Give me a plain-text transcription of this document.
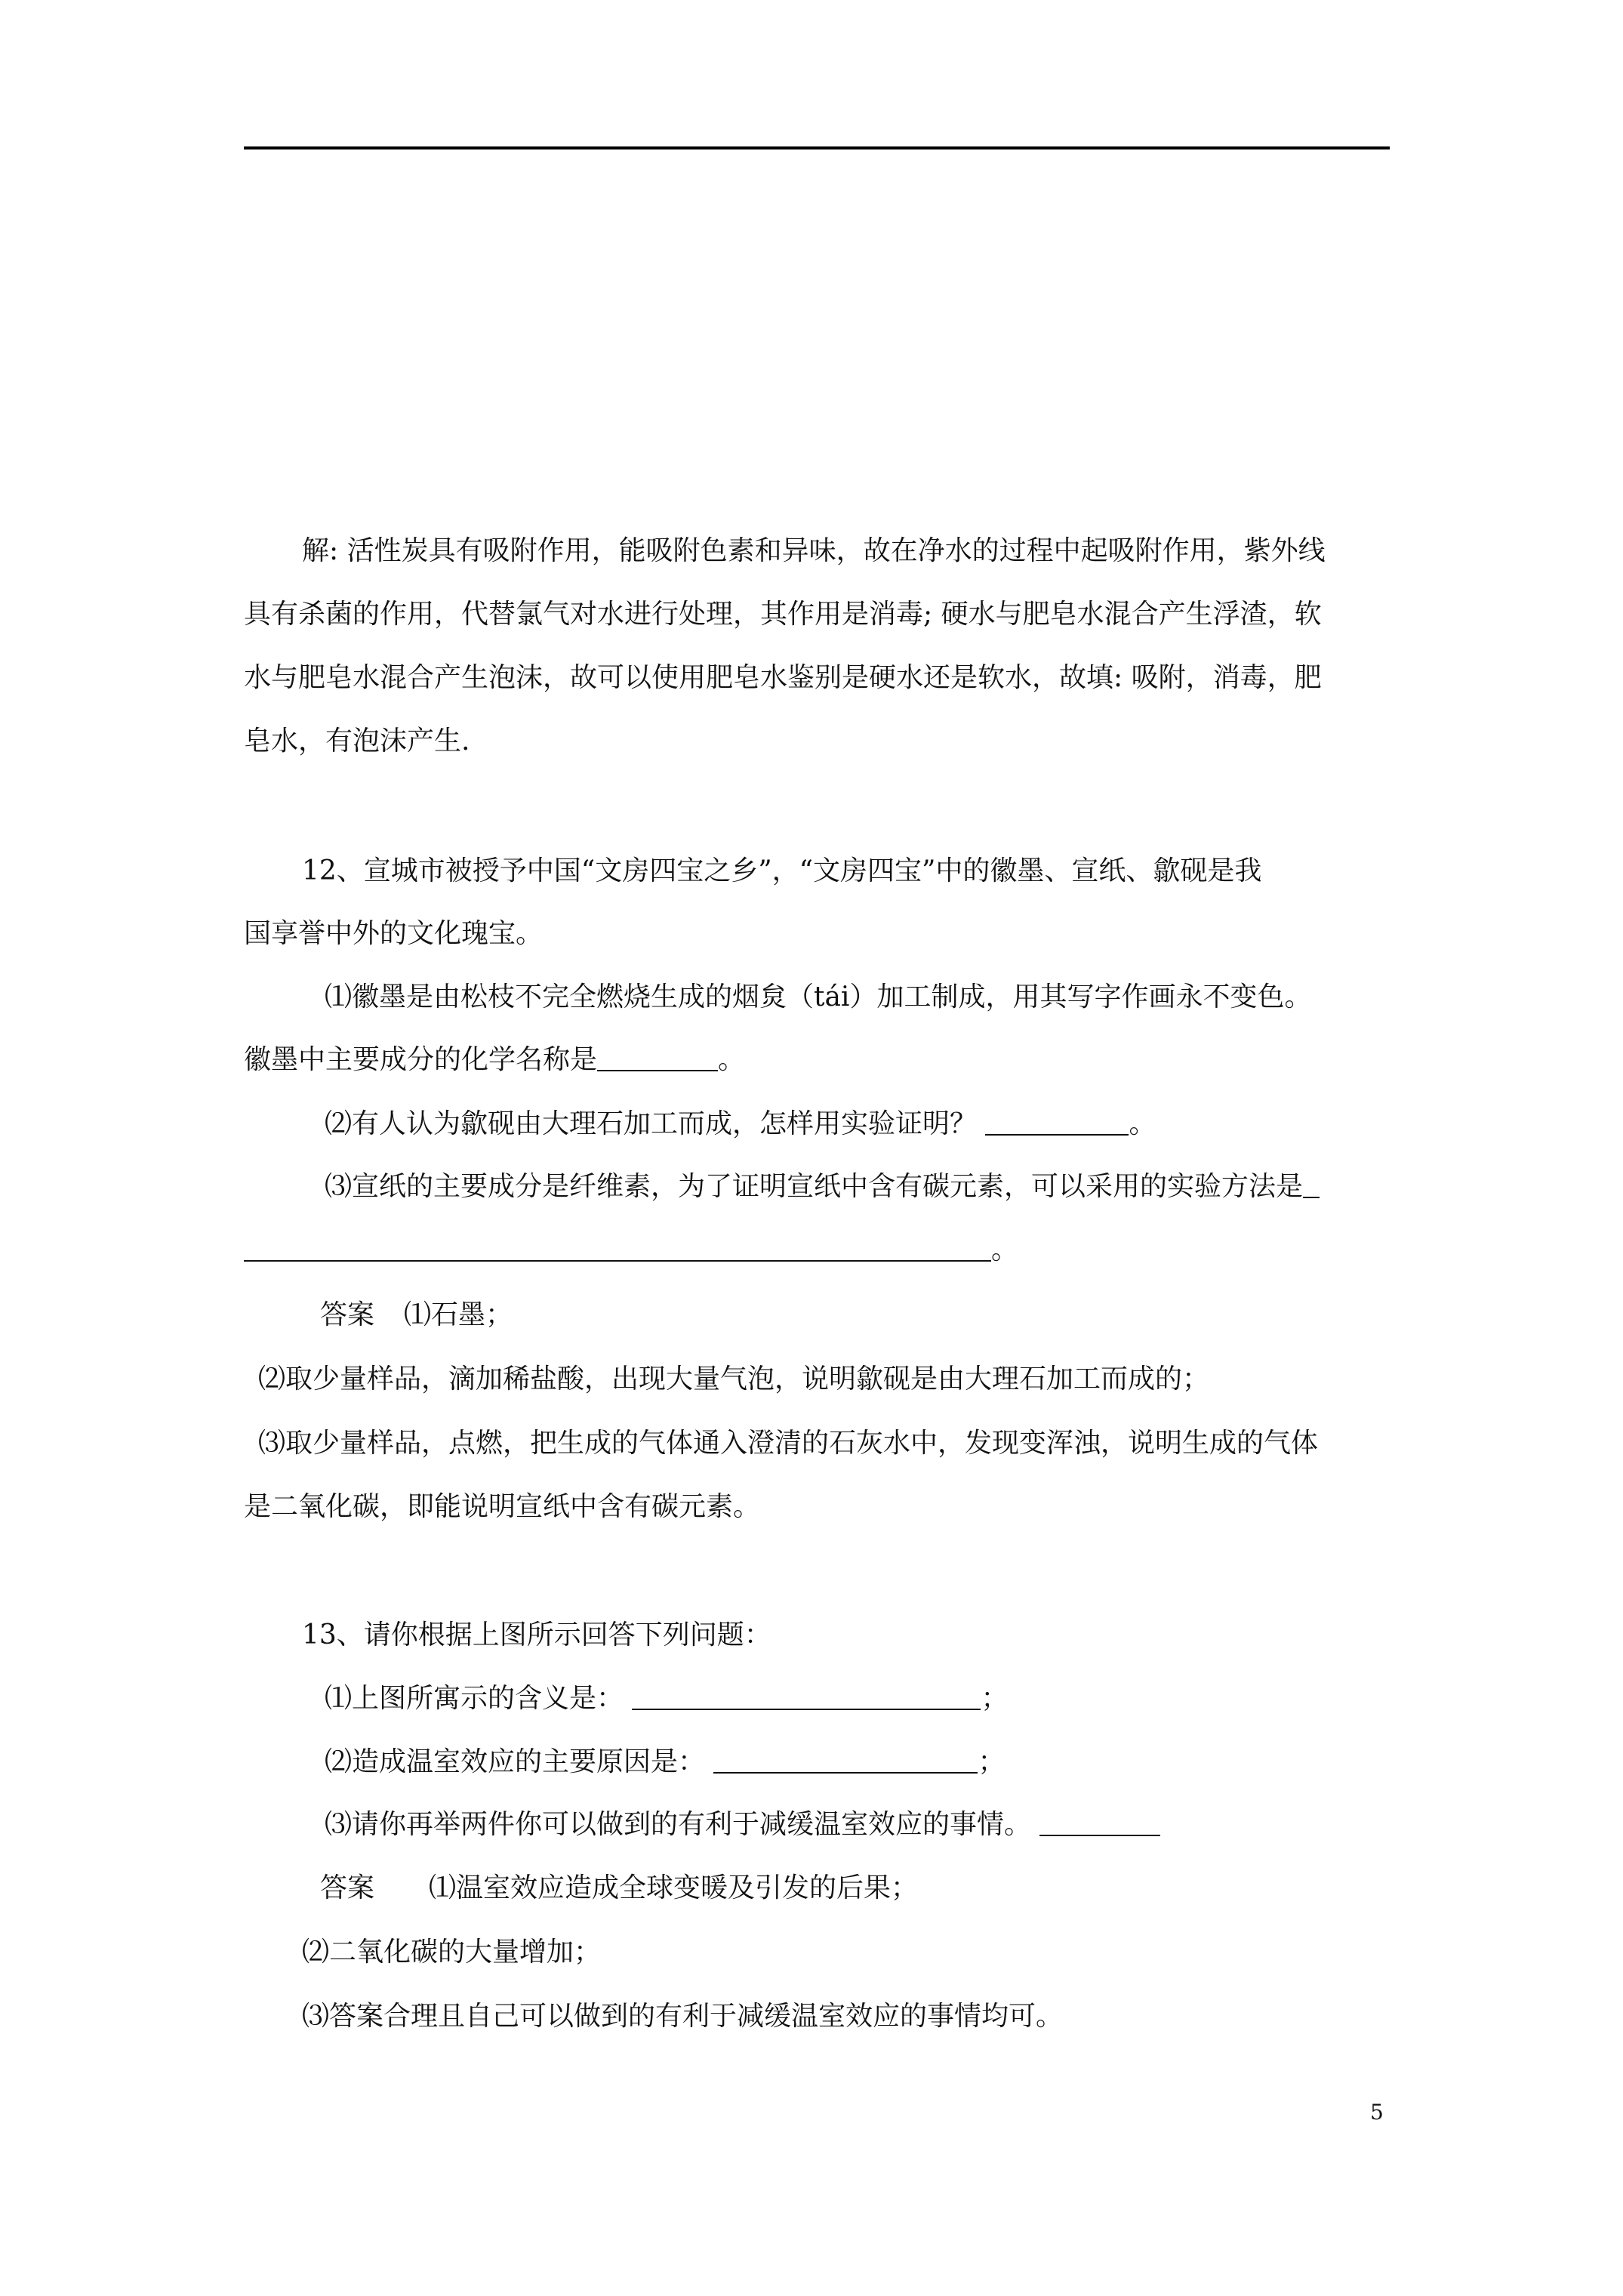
解: 活性炭具有吸附作用，能吸附色素和异味，故在净水的过程中起吸附作用，紫外线
具有杀菌的作用，代替氯气对水进行处理，其作用是消毒; 硬水与肥皂水混合产生浮渣，软
水与肥皂水混合产生泡沫，故可以使用肥皂水鉴别是硬水还是软水，故填: 吸附，消毒，肥
皂水，有泡沫产生.
12、宣城市被授予中国“文房四宝之乡”，“文房四宝”中的徽墨、宣纸、歙砚是我
国享誉中外的文化瑰宝。
⑴徽墨是由松枝不完全燃烧生成的烟炱（tái）加工制成，用其写字作画永不变色。
徽墨中主要成分的化学名称是	。
⑵有人认为歙砚由大理石加工而成，怎样用实验证明？	。
⑶宣纸的主要成分是纤维素，为了证明宣纸中含有碳元素，可以采用的实验方法是
。
答案 ⑴石墨；
⑵取少量样品，滴加稀盐酸，出现大量气泡，说明歙砚是由大理石加工而成的；
⑶取少量样品，点燃，把生成的气体通入澄清的石灰水中，发现变浑浊，说明生成的气体
是二氧化碳，即能说明宣纸中含有碳元素。
13、请你根据上图所示回答下列问题：
⑴上图所寓示的含义是：	；
⑵造成温室效应的主要原因是：	；
⑶请你再举两件你可以做到的有利于减缓温室效应的事情。
答案 ⑴温室效应造成全球变暖及引发的后果；
⑵二氧化碳的大量增加；
⑶答案合理且自己可以做到的有利于减缓温室效应的事情均可。
5
